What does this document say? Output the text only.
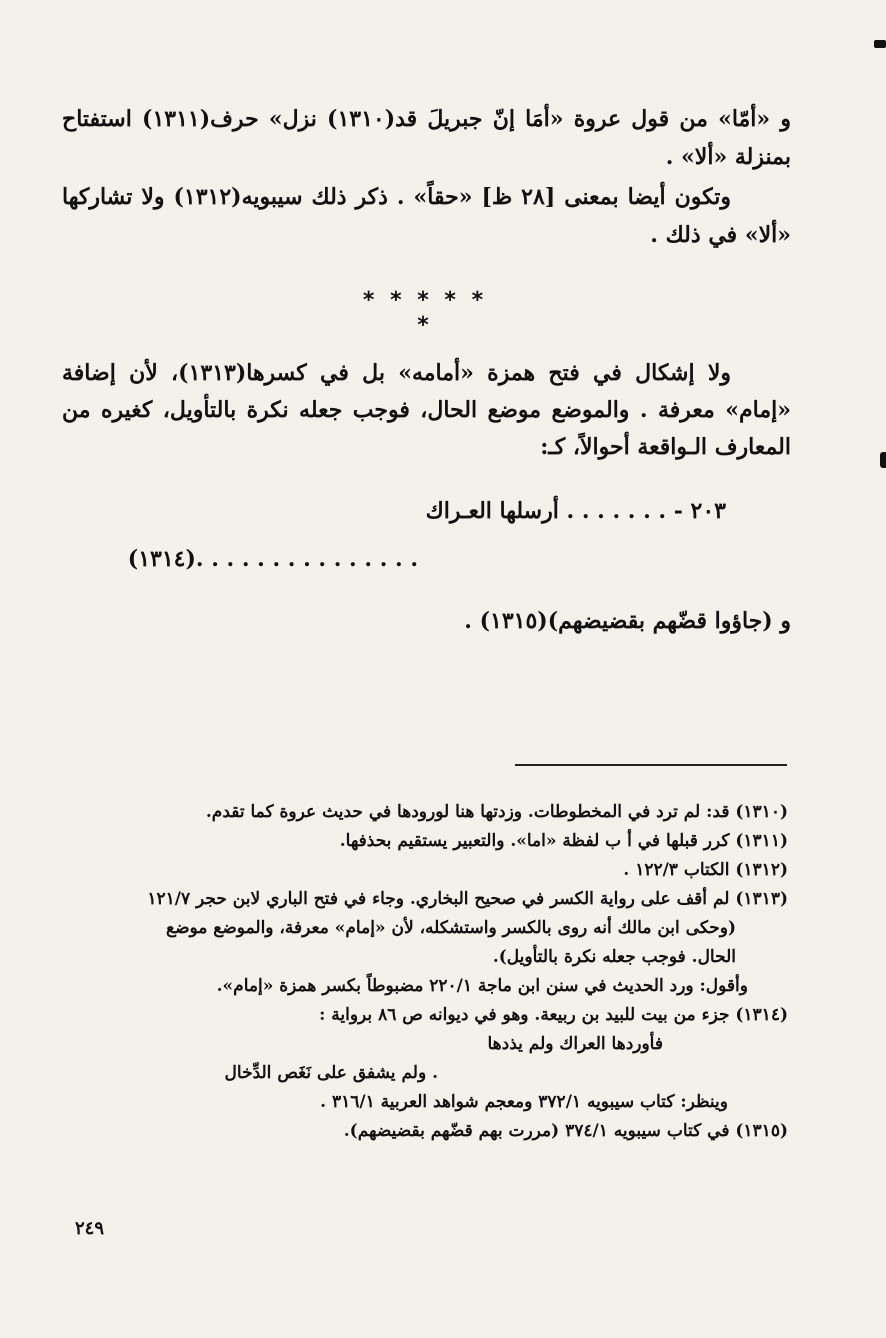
و «أمّا» من قول عروة «أمَا إنّ جبريلَ قد(١٣١٠) نزل» حرف(١٣١١) استفتاح بمنزلة «ألا» .

وتكون أيضا بمعنى [٢٨ ظ] «حقاً» . ذكر ذلك سيبويه(١٣١٢) ولا تشاركها «ألا» في ذلك .

* * * * * *
ولا إشكال في فتح همزة «أمامه» بل في كسرها(١٣١٣)، لأن إضافة «إمام» معرفة . والموضع موضع الحال، فوجب جعله نكرة بالتأويل، كغيره من المعارف الـواقعة أحوالاً، كـ:
٢٠٣ - . . . . . . . أرسلها العـراك
. . . . . . . . . . . . . . .(١٣١٤)
و (جاؤوا قضّهم بقضيضهم)(١٣١٥) .
(١٣١٠) قد: لم ترد في المخطوطات. وزدتها هنا لورودها في حديث عروة كما تقدم.
(١٣١١) كرر قبلها في أ ب لفظة «اما». والتعبير يستقيم بحذفها.
(١٣١٢) الكتاب ١٢٢/٣ .
(١٣١٣) لم أقف على رواية الكسر في صحيح البخاري. وجاء في فتح الباري لابن حجر ١٢١/٧
(وحكى ابن مالك أنه روى بالكسر واستشكله، لأن «إمام» معرفة، والموضع موضع
الحال. فوجب جعله نكرة بالتأويل).
وأقول: ورد الحديث في سنن ابن ماجة ٢٢٠/١ مضبوطاً بكسر همزة «إمام».
(١٣١٤) جزء من بيت للبيد بن ربيعة. وهو في ديوانه ص ٨٦ برواية :
فأوردها العراك ولم يذدها
. ولم يشفق على نَغَص الدِّخال
وينظر: كتاب سيبويه ٣٧٢/١ ومعجم شواهد العربية ٣١٦/١ .
(١٣١٥) في كتاب سيبويه ٣٧٤/١ (مررت بهم قضّهم بقضيضهم).
٢٤٩
